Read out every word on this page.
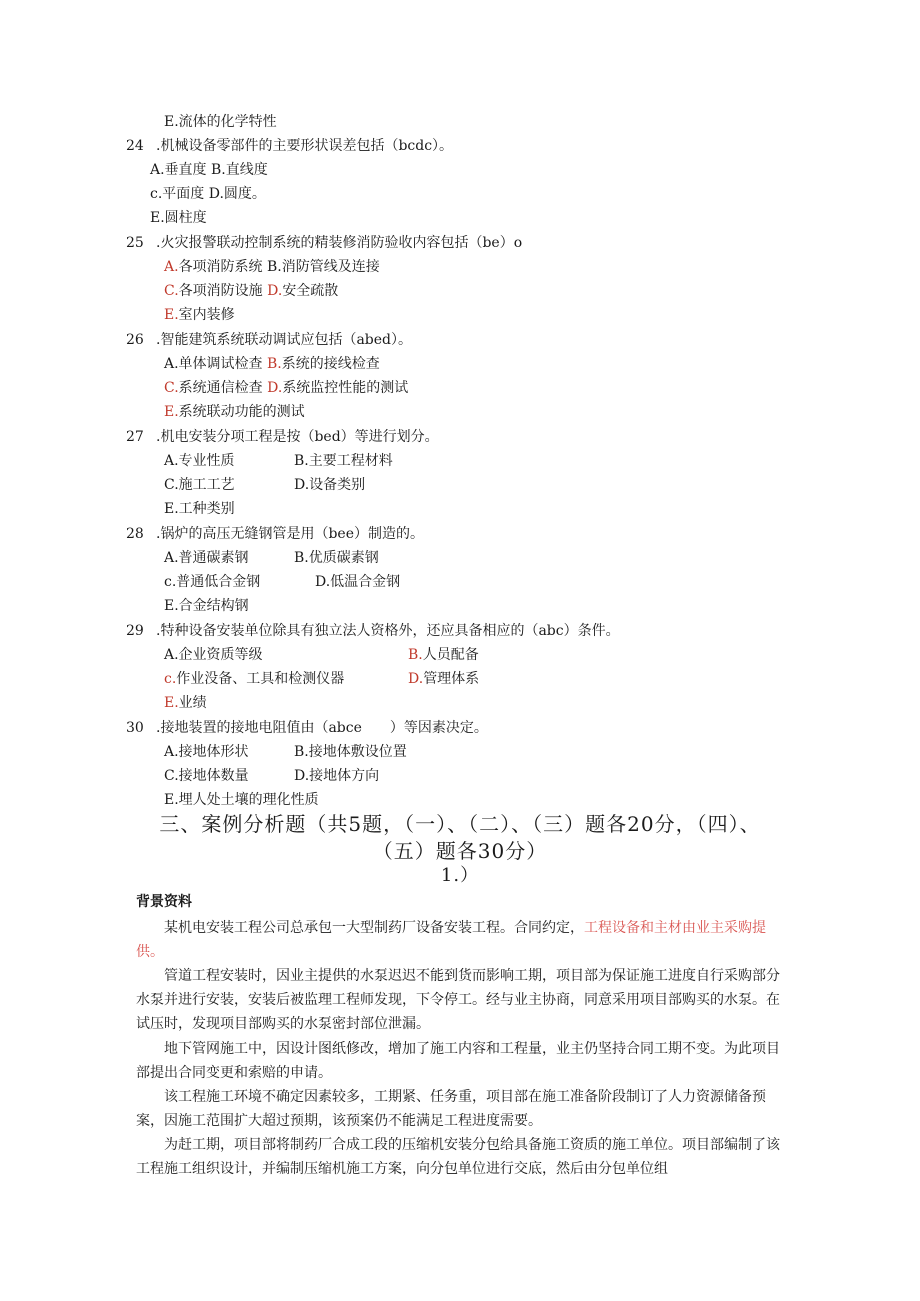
E.流体的化学特性
24 .机械设备零部件的主要形状误差包括（bcdc）。
A.垂直度 B.直线度
c.平面度 D.圆度。
E.圆柱度
25 .火灾报警联动控制系统的精装修消防验收内容包括（be）o
A.各项消防系统 B.消防管线及连接
C.各项消防设施 D.安全疏散
E.室内装修
26 .智能建筑系统联动调试应包括（abed）。
A.单体调试检查 B.系统的接线检查
C.系统通信检查 D.系统监控性能的测试
E.系统联动功能的测试
27 .机电安装分项工程是按（bed）等进行划分。
A.专业性质	B.主要工程材料
C.施工工艺	D.设备类别
E.工种类别
28 .锅炉的高压无缝钢管是用（bee）制造的。
A.普通碳素钢	B.优质碳素钢
c.普通低合金钢	D.低温合金钢
E.合金结构钢
29 .特种设备安装单位除具有独立法人资格外，还应具备相应的（abc）条件。
A.企业资质等级	B.人员配备
c.作业没备、工具和检测仪器	D.管理体系
E.业绩
30 .接地装置的接地电阻值由（abce　　）等因素决定。
A.接地体形状	B.接地体敷设位置
C.接地体数量	D.接地体方向
E.埋人处土壤的理化性质
三、案例分析题（共5题，（一）、（二）、（三）题各20分，（四）、
（五）题各30分）
1.）
背景资料
某机电安装工程公司总承包一大型制药厂设备安装工程。合同约定，工程设备和主材由业主采购提供。
管道工程安装时，因业主提供的水泵迟迟不能到货而影响工期，项目部为保证施工进度自行采购部分水泵并进行安装，安装后被监理工程师发现，下令停工。经与业主协商，同意采用项目部购买的水泵。在试压时，发现项目部购买的水泵密封部位泄漏。
地下管网施工中，因设计图纸修改，增加了施工内容和工程量，业主仍坚持合同工期不变。为此项目部提出合同变更和索赔的申请。
该工程施工环境不确定因素较多，工期紧、任务重，项目部在施工准备阶段制订了人力资源储备预案，因施工范围扩大超过预期，该预案仍不能满足工程进度需要。
为赶工期，项目部将制药厂合成工段的压缩机安装分包给具备施工资质的施工单位。项目部编制了该工程施工组织设计，并编制压缩机施工方案，向分包单位进行交底，然后由分包单位组
